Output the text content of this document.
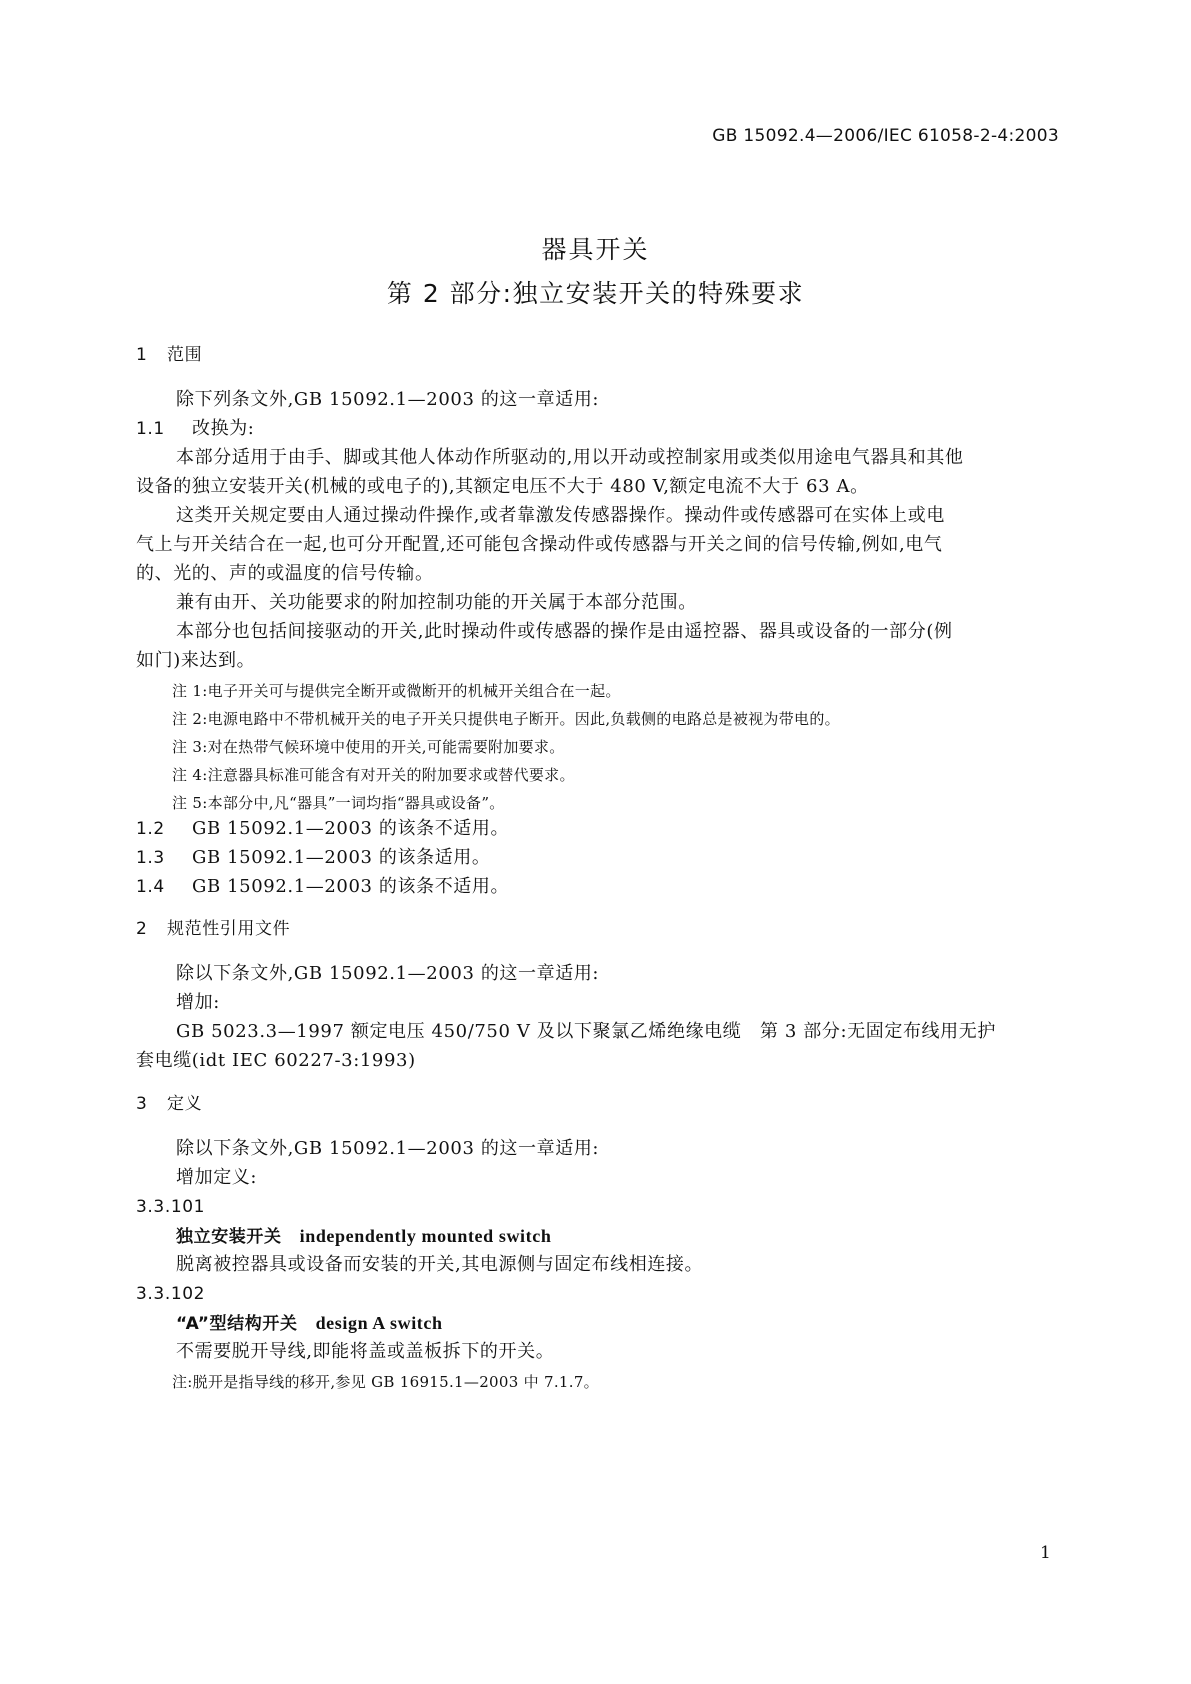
GB 15092.4—2006/IEC 61058-2-4:2003
器具开关
第 2 部分:独立安装开关的特殊要求
1 范围
除下列条文外,GB 15092.1—2003 的这一章适用:
1.1 改换为:
本部分适用于由手、脚或其他人体动作所驱动的,用以开动或控制家用或类似用途电气器具和其他
设备的独立安装开关(机械的或电子的),其额定电压不大于 480 V,额定电流不大于 63 A。
这类开关规定要由人通过操动件操作,或者靠激发传感器操作。操动件或传感器可在实体上或电
气上与开关结合在一起,也可分开配置,还可能包含操动件或传感器与开关之间的信号传输,例如,电气
的、光的、声的或温度的信号传输。
兼有由开、关功能要求的附加控制功能的开关属于本部分范围。
本部分也包括间接驱动的开关,此时操动件或传感器的操作是由遥控器、器具或设备的一部分(例
如门)来达到。
注 1:电子开关可与提供完全断开或微断开的机械开关组合在一起。
注 2:电源电路中不带机械开关的电子开关只提供电子断开。因此,负载侧的电路总是被视为带电的。
注 3:对在热带气候环境中使用的开关,可能需要附加要求。
注 4:注意器具标准可能含有对开关的附加要求或替代要求。
注 5:本部分中,凡“器具”一词均指“器具或设备”。
1.2 GB 15092.1—2003 的该条不适用。
1.3 GB 15092.1—2003 的该条适用。
1.4 GB 15092.1—2003 的该条不适用。
2 规范性引用文件
除以下条文外,GB 15092.1—2003 的这一章适用:
增加:
GB 5023.3—1997 额定电压 450/750 V 及以下聚氯乙烯绝缘电缆　第 3 部分:无固定布线用无护
套电缆(idt IEC 60227-3:1993)
3 定义
除以下条文外,GB 15092.1—2003 的这一章适用:
增加定义:
3.3.101
独立安装开关 independently mounted switch
脱离被控器具或设备而安装的开关,其电源侧与固定布线相连接。
3.3.102
“A”型结构开关 design A switch
不需要脱开导线,即能将盖或盖板拆下的开关。
注:脱开是指导线的移开,参见 GB 16915.1—2003 中 7.1.7。
1
